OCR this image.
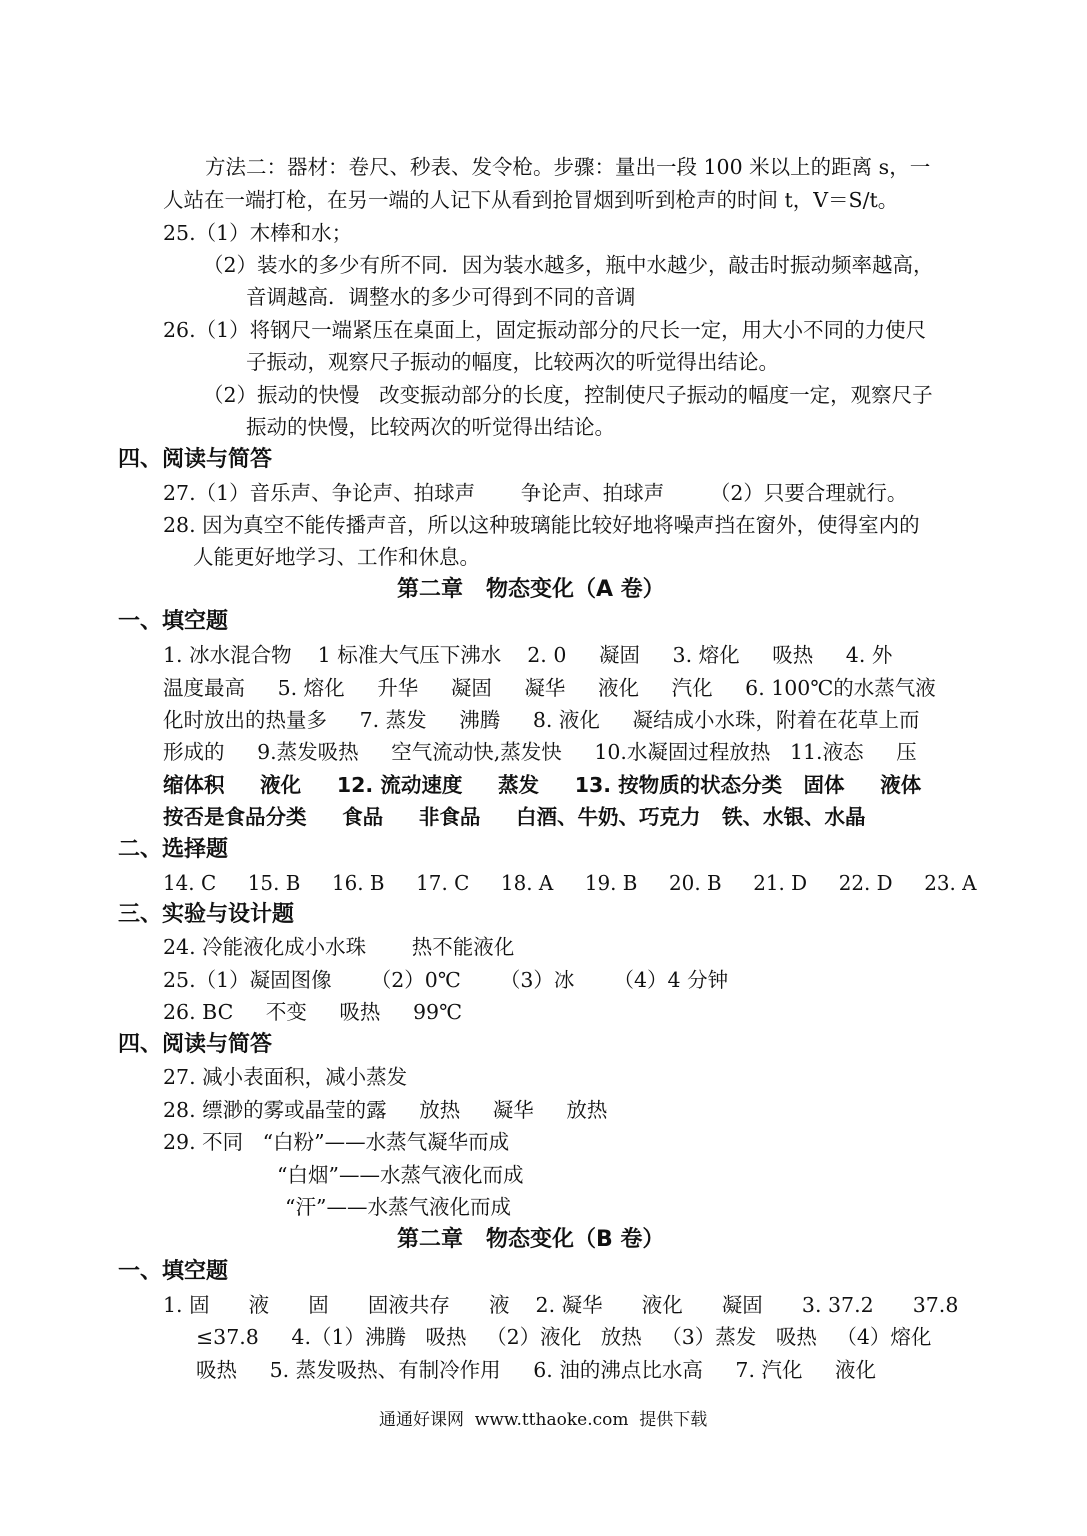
方法二：器材：卷尺、秒表、发令枪。步骤：量出一段 100 米以上的距离 s，一
人站在一端打枪，在另一端的人记下从看到抢冒烟到听到枪声的时间 t，V＝S/t。
25.（1）木棒和水；
（2）装水的多少有所不同．因为装水越多，瓶中水越少，敲击时振动频率越高，
音调越高．调整水的多少可得到不同的音调
26.（1）将钢尺一端紧压在桌面上，固定振动部分的尺长一定，用大小不同的力使尺
子振动，观察尺子振动的幅度，比较两次的听觉得出结论。
（2）振动的快慢   改变振动部分的长度，控制使尺子振动的幅度一定，观察尺子
振动的快慢，比较两次的听觉得出结论。
四、阅读与简答
27.（1）音乐声、争论声、拍球声       争论声、拍球声       （2）只要合理就行。
28. 因为真空不能传播声音，所以这种玻璃能比较好地将噪声挡在窗外，使得室内的
人能更好地学习、工作和休息。
第二章   物态变化（A 卷）
一、填空题
1. 冰水混合物    1 标准大气压下沸水    2. 0     凝固     3. 熔化     吸热     4. 外
温度最高     5. 熔化     升华     凝固     凝华     液化     汽化     6. 100℃的水蒸气液
化时放出的热量多     7. 蒸发     沸腾     8. 液化     凝结成小水珠，附着在花草上而
形成的     9.蒸发吸热     空气流动快,蒸发快     10.水凝固过程放热   11.液态     压
缩体积     液化     12. 流动速度     蒸发     13. 按物质的状态分类   固体     液体
按否是食品分类     食品     非食品     白酒、牛奶、巧克力   铁、水银、水晶
二、选择题
14. C     15. B     16. B     17. C     18. A     19. B     20. B     21. D     22. D     23. A
三、实验与设计题
24. 冷能液化成小水珠       热不能液化
25.（1）凝固图像      （2）0℃      （3）冰      （4）4 分钟
26. BC     不变     吸热     99℃
四、阅读与简答
27. 减小表面积，减小蒸发
28. 缥渺的雾或晶莹的露     放热     凝华     放热
29. 不同   “白粉”——水蒸气凝华而成
“白烟”——水蒸气液化而成
“汗”——水蒸气液化而成
第二章   物态变化（B 卷）
一、填空题
1. 固      液      固      固液共存      液    2. 凝华      液化      凝固      3. 37.2      37.8
≤37.8     4.（1）沸腾   吸热   （2）液化   放热   （3）蒸发   吸热   （4）熔化
吸热     5. 蒸发吸热、有制冷作用     6. 油的沸点比水高     7. 汽化     液化
通通好课网  www.tthaoke.com  提供下载
